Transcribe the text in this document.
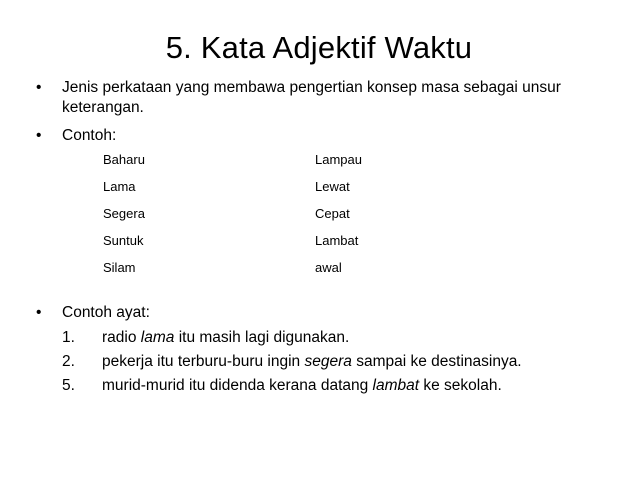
5. Kata Adjektif Waktu
• Jenis perkataan yang membawa pengertian konsep masa sebagai unsur keterangan.
• Contoh:
Baharu	Lampau
Lama	Lewat
Segera	Cepat
Suntuk	Lambat
Silam	awal
• Contoh ayat:
1. radio lama itu masih lagi digunakan.
2. pekerja itu terburu-buru ingin segera sampai ke destinasinya.
5. murid-murid itu didenda kerana datang lambat ke sekolah.
